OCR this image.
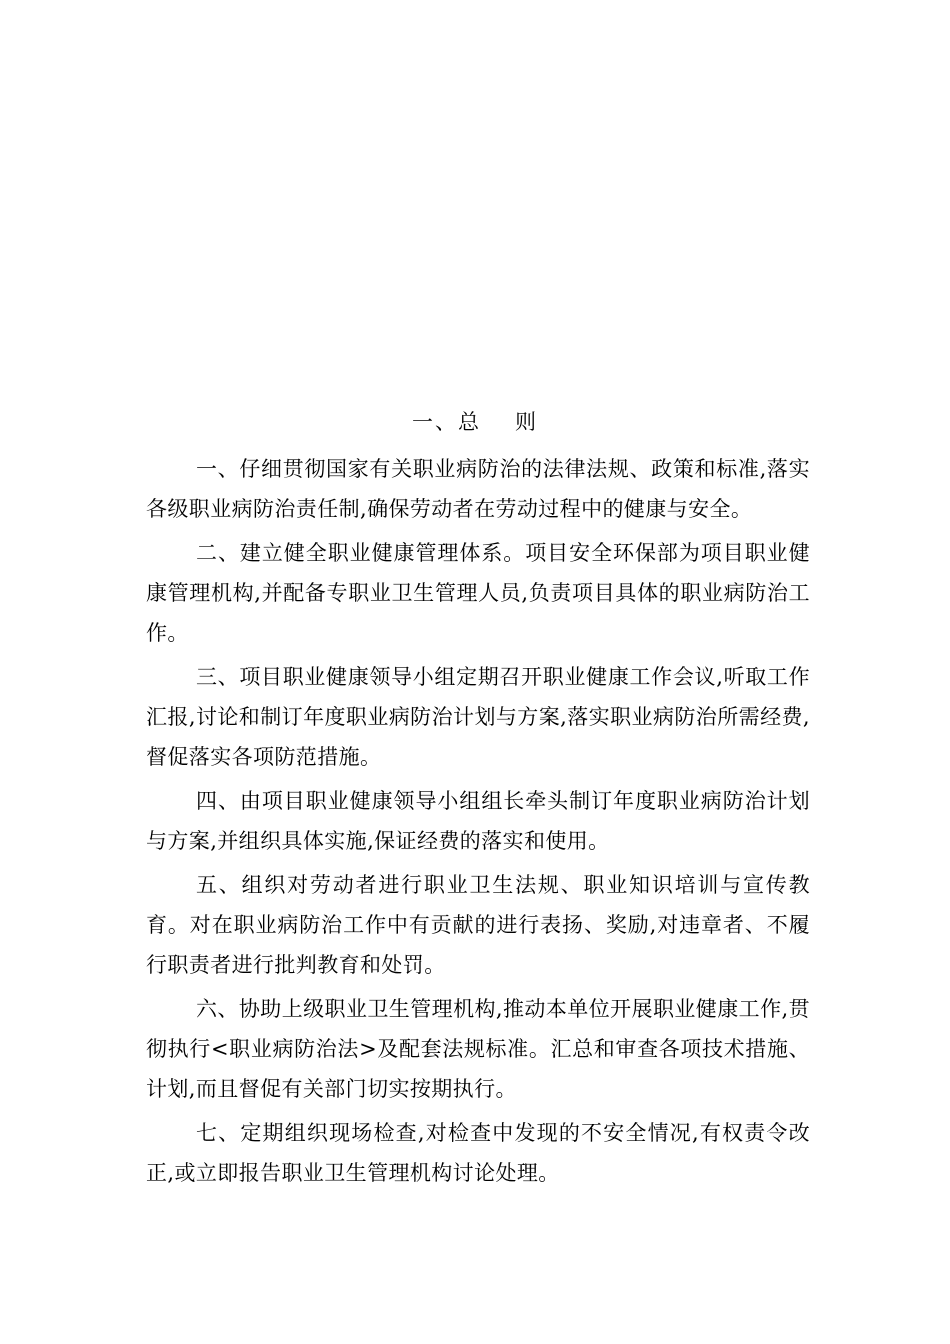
一、总 则

一、仔细贯彻国家有关职业病防治的法律法规、政策和标准,落实各级职业病防治责任制,确保劳动者在劳动过程中的健康与安全。

二、建立健全职业健康管理体系。项目安全环保部为项目职业健康管理机构,并配备专职业卫生管理人员,负责项目具体的职业病防治工作。

三、项目职业健康领导小组定期召开职业健康工作会议,听取工作汇报,讨论和制订年度职业病防治计划与方案,落实职业病防治所需经费,督促落实各项防范措施。

四、由项目职业健康领导小组组长牵头制订年度职业病防治计划与方案,并组织具体实施,保证经费的落实和使用。

五、组织对劳动者进行职业卫生法规、职业知识培训与宣传教育。对在职业病防治工作中有贡献的进行表扬、奖励,对违章者、不履行职责者进行批判教育和处罚。

六、协助上级职业卫生管理机构,推动本单位开展职业健康工作,贯彻执行<职业病防治法>及配套法规标准。汇总和审查各项技术措施、计划,而且督促有关部门切实按期执行。

七、定期组织现场检查,对检查中发现的不安全情况,有权责令改正,或立即报告职业卫生管理机构讨论处理。
